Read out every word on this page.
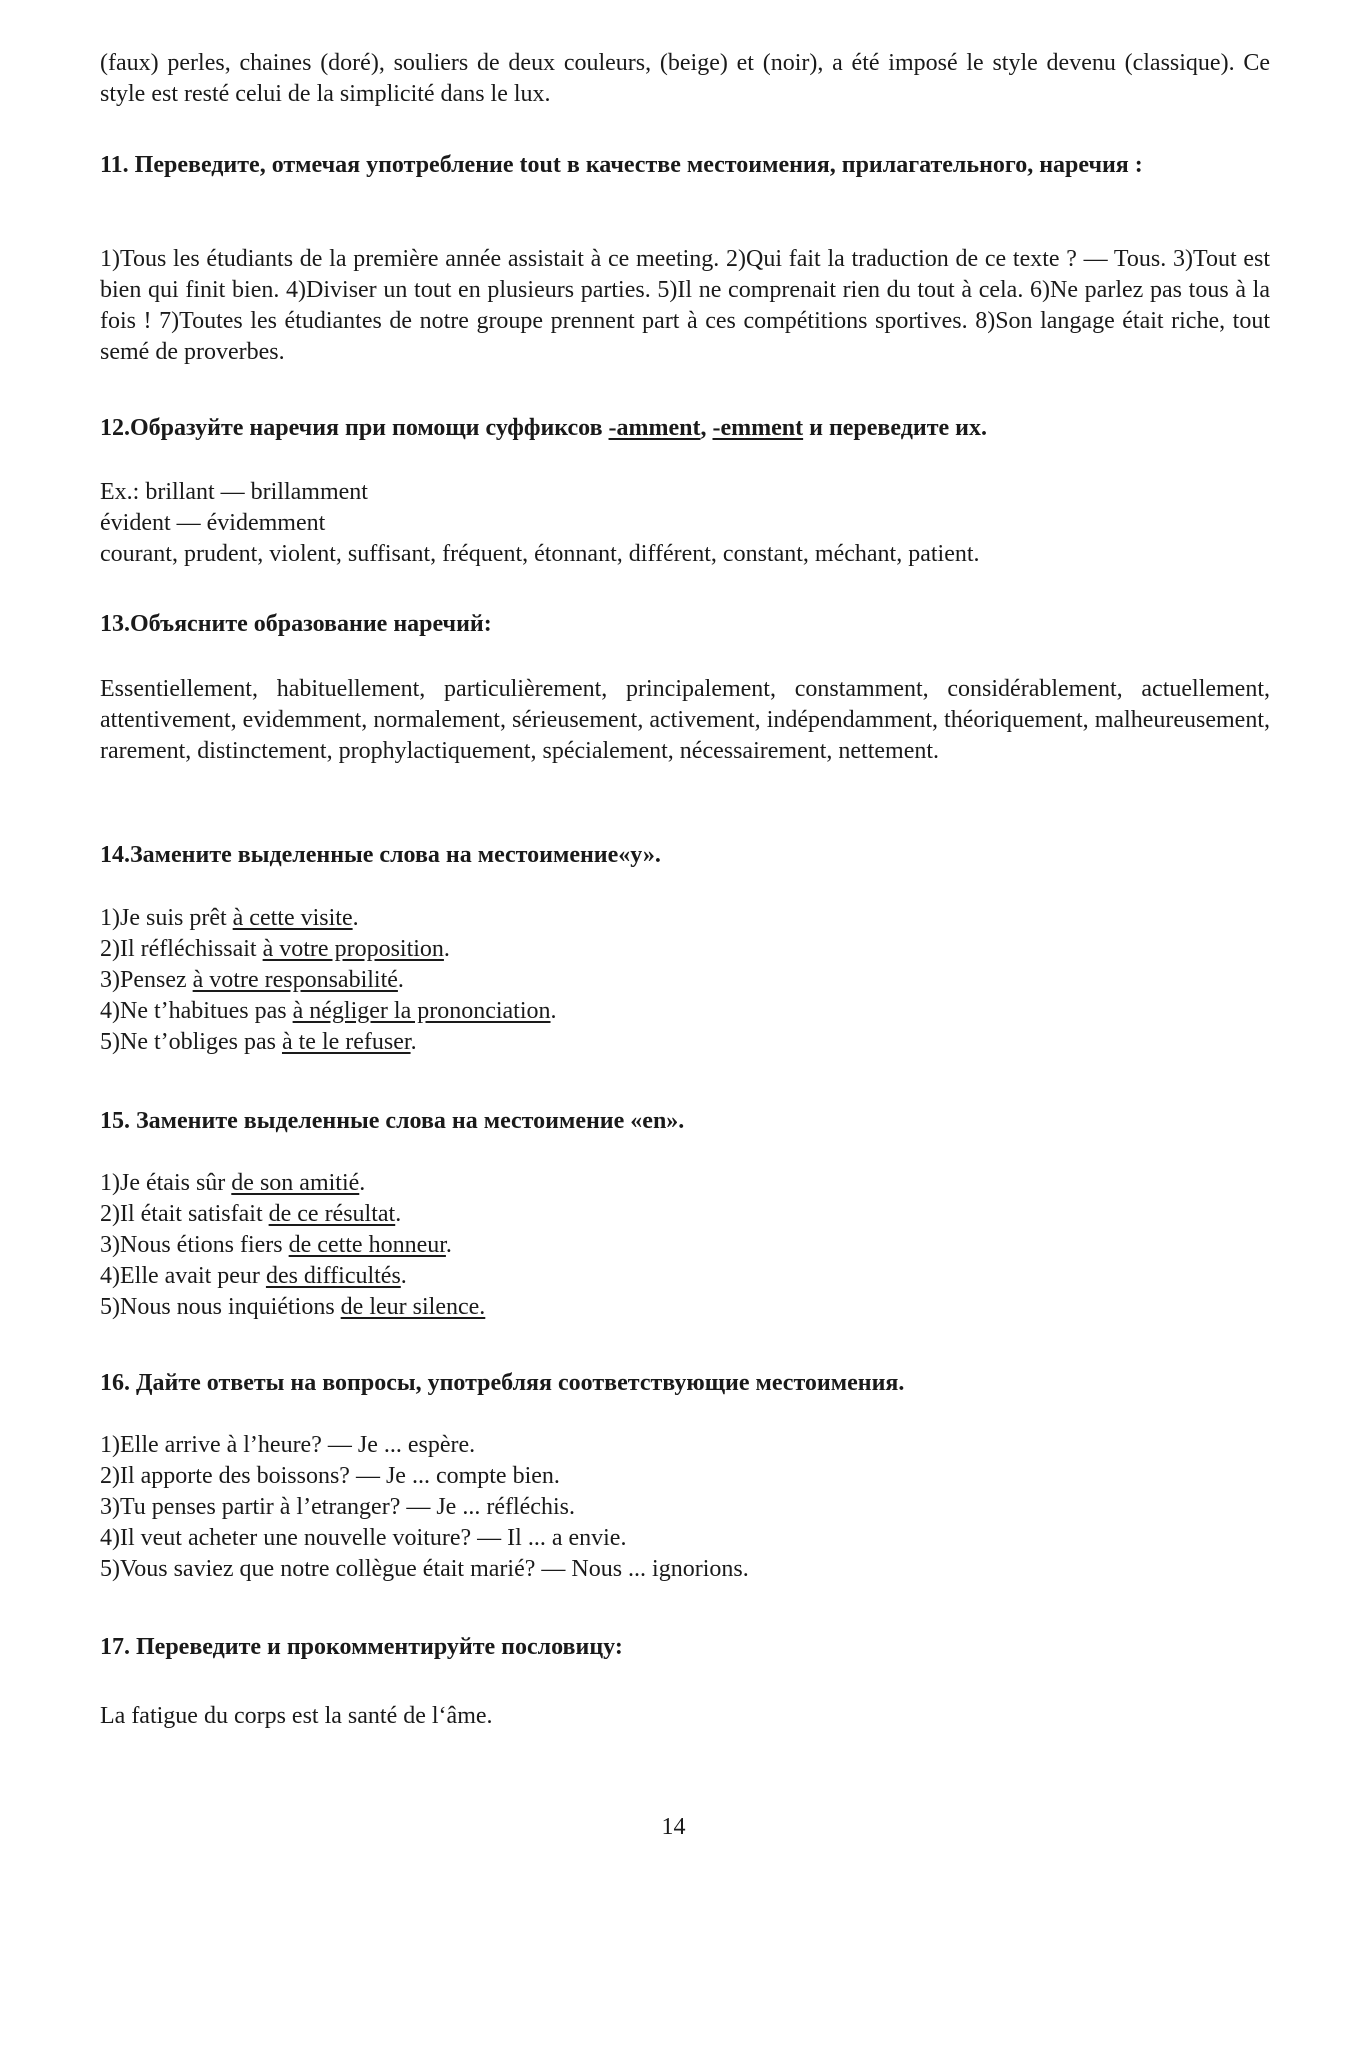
(faux) perles, chaines (doré), souliers de deux couleurs, (beige) et (noir), a été imposé le style devenu (classique). Ce style est resté celui de la simplicité dans le lux.
11. Переведите, отмечая употребление tout в качестве местоимения, прилагательного, наречия :
1)Tous les étudiants de la première année assistait à ce meeting. 2)Qui fait la traduction de ce texte ? — Tous. 3)Tout est bien qui finit bien. 4)Diviser un tout en plusieurs parties. 5)Il ne comprenait rien du tout à cela. 6)Ne parlez pas tous à la fois ! 7)Toutes les étudiantes de notre groupe prennent part à ces compétitions sportives. 8)Son langage était riche, tout semé de proverbes.
12.Образуйте наречия при помощи суффиксов -amment, -emment и переведите их.
Ex.: brillant — brillamment
évident — évidemment
courant, prudent, violent, suffisant, fréquent, étonnant, différent, constant, méchant, patient.
13.Объясните образование наречий:
Essentiellement, habituellement, particulièrement, principalement, constamment, considérablement, actuellement, attentivement, evidemment, normalement, sérieusement, activement, indépendamment, théoriquement, malheureusement, rarement, distinctement, prophylactiquement, spécialement, nécessairement, nettement.
14.Замените выделенные слова на местоимение«у».
1)Je suis prêt à cette visite.
2)Il réfléchissait à votre proposition.
3)Pensez à votre responsabilité.
4)Ne t’habitues pas à négliger la prononciation.
5)Ne t’obliges pas à te le refuser.
15. Замените выделенные слова на местоимение «en».
1)Je étais sûr de son amitié.
2)Il était satisfait de ce résultat.
3)Nous étions fiers de cette honneur.
4)Elle avait peur des difficultés.
5)Nous nous inquiétions de leur silence.
16. Дайте ответы на вопросы, употребляя соответствующие местоимения.
1)Elle arrive à l’heure? — Je ... espère.
2)Il apporte des boissons? — Je ... compte bien.
3)Tu penses partir à l’etranger? — Je ... réfléchis.
4)Il veut acheter une nouvelle voiture? — Il ... a envie.
5)Vous saviez que notre collègue était marié? — Nous ... ignorions.
17. Переведите и прокомментируйте пословицу:
La fatigue du corps est la santé de l‘âme.
14
